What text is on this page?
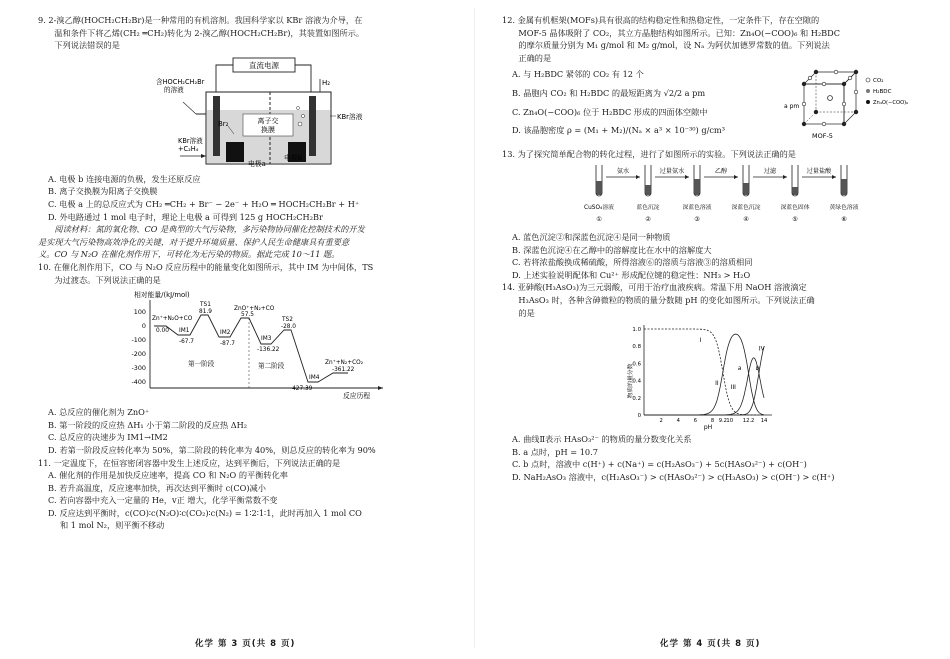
9. 2-溴乙醇(HOCH₂CH₂Br)是一种常用的有机溶剂。我国科学家以 KBr 溶液为介导，在

温和条件下将乙烯(CH₂ ═CH₂)转化为 2-溴乙醇(HOCH₂CH₂Br)，其装置如图所示。

下列说法错误的是

直流电源
离子交换膜
含HOCH₂CH₂Br 的溶液
H₂
Br₂
KBr溶液
KBr溶液+C₂H₄
电极a
电极b

A. 电极 b 连接电源的负极，发生还原反应

B. 离子交换膜为阳离子交换膜

C. 电极 a 上的总反应式为 CH₂ ═CH₂ + Br⁻ − 2e⁻ + H₂O ═ HOCH₂CH₂Br + H⁺

D. 外电路通过 1 mol 电子时，理论上电极 a 可得到 125 g HOCH₂CH₂Br

阅读材料：氮的氧化物、CO 是典型的大气污染物，多污染物协同催化控制技术的开发

是实现大气污染物高效净化的关键，对于提升环境质量、保护人民生命健康具有重要意

义。CO 与 N₂O 在催化剂作用下，可转化为无污染的物质。据此完成 10～11 题。

10. 在催化剂作用下，CO 与 N₂O 反应历程中的能量变化如图所示，其中 IM 为中间体，TS

为过渡态。下列说法正确的是

相对能量/(kJ/mol)
反应历程
100
0
-100
-200
-300
-400
Zn⁺+N₂O+CO
0.00 IM1
-67.7
TS1
81.9
IM2
-87.7
ZnO⁺+N₂+CO
57.5
IM3
-136.22
TS2
-28.0
IM4
-427.39
Zn⁺+N₂+CO₂
-361.22
第一阶段	第二阶段

A. 总反应的催化剂为 ZnO⁺

B. 第一阶段的反应热 ΔH₁ 小于第二阶段的反应热 ΔH₂

C. 总反应的决速步为 IM1→IM2

D. 若第一阶段反应转化率为 50%，第二阶段的转化率为 40%，则总反应的转化率为 90%

11. 一定温度下，在恒容密闭容器中发生上述反应，达到平衡后，下列说法正确的是

A. 催化剂的作用是加快反应速率，提高 CO 和 N₂O 的平衡转化率

B. 若升高温度，反应速率加快，再次达到平衡时 c(CO)减小

C. 若向容器中充入一定量的 He，v正 增大，化学平衡常数不变

D. 反应达到平衡时，c(CO)∶c(N₂O)∶c(CO₂)∶c(N₂) = 1∶2∶1∶1，此时再加入 1 mol CO

和 1 mol N₂，则平衡不移动

化学 第 3 页(共 8 页)

12. 金属有机框架(MOFs)具有很高的结构稳定性和热稳定性，一定条件下，存在空隙的

MOF-5 晶体吸附了 CO₂，其立方晶胞结构如图所示。已知：Zn₄O(−COO)₆ 和 H₂BDC

的摩尔质量分别为 M₁ g/mol 和 M₂ g/mol，设 Nₐ 为阿伏加德罗常数的值。下列说法

正确的是

A. 与 H₂BDC 紧邻的 CO₂ 有 12 个

B. 晶胞内 CO₂ 和 H₂BDC 的最短距离为 √2/2 a pm

C. Zn₄O(−COO)₆ 位于 H₂BDC 形成的四面体空隙中

D. 该晶胞密度 ρ = (M₁ + M₂)/(Nₐ × a³ × 10⁻³⁰) g/cm³

a pm
MOF-5
CO₂
H₂BDC
Zn₄O(−COO)₆

13. 为了探究简单配合物的转化过程，进行了如图所示的实验。下列说法正确的是

氨水	过量氨水	乙醇	过滤	过量盐酸
CuSO₄溶液	蓝色沉淀	深蓝色溶液	深蓝色沉淀	深蓝色固体	黄绿色溶液
①	②	③	④	⑤	⑥

A. 蓝色沉淀②和深蓝色沉淀④是同一种物质

B. 深蓝色沉淀④在乙醇中的溶解度比在水中的溶解度大

C. 若将浓盐酸换成稀硫酸，所得溶液⑥的溶质与溶液③的溶质相同

D. 上述实验说明配体和 Cu²⁺ 形成配位键的稳定性：NH₃ > H₂O

14. 亚砷酸(H₃AsO₃)为三元弱酸，可用于治疗血液疾病。常温下用 NaOH 溶液滴定

H₃AsO₃ 时，各种含砷微粒的物质的量分数随 pH 的变化如图所示。下列说法正确

的是

物质的量分数
pH
1.0
0.8
0.6
0.4
0.2
0
2	4	6	8 9.2 10 12.2 14
I
II
III
IV
a b

A. 曲线Ⅱ表示 HAsO₃²⁻ 的物质的量分数变化关系

B. a 点时，pH = 10.7

C. b 点时，溶液中 c(H⁺) + c(Na⁺) = c(H₂AsO₃⁻) + 5c(HAsO₃²⁻) + c(OH⁻)

D. NaH₂AsO₃ 溶液中，c(H₂AsO₃⁻) > c(HAsO₃²⁻) > c(H₃AsO₃) > c(OH⁻) > c(H⁺)

化学 第 4 页(共 8 页)
